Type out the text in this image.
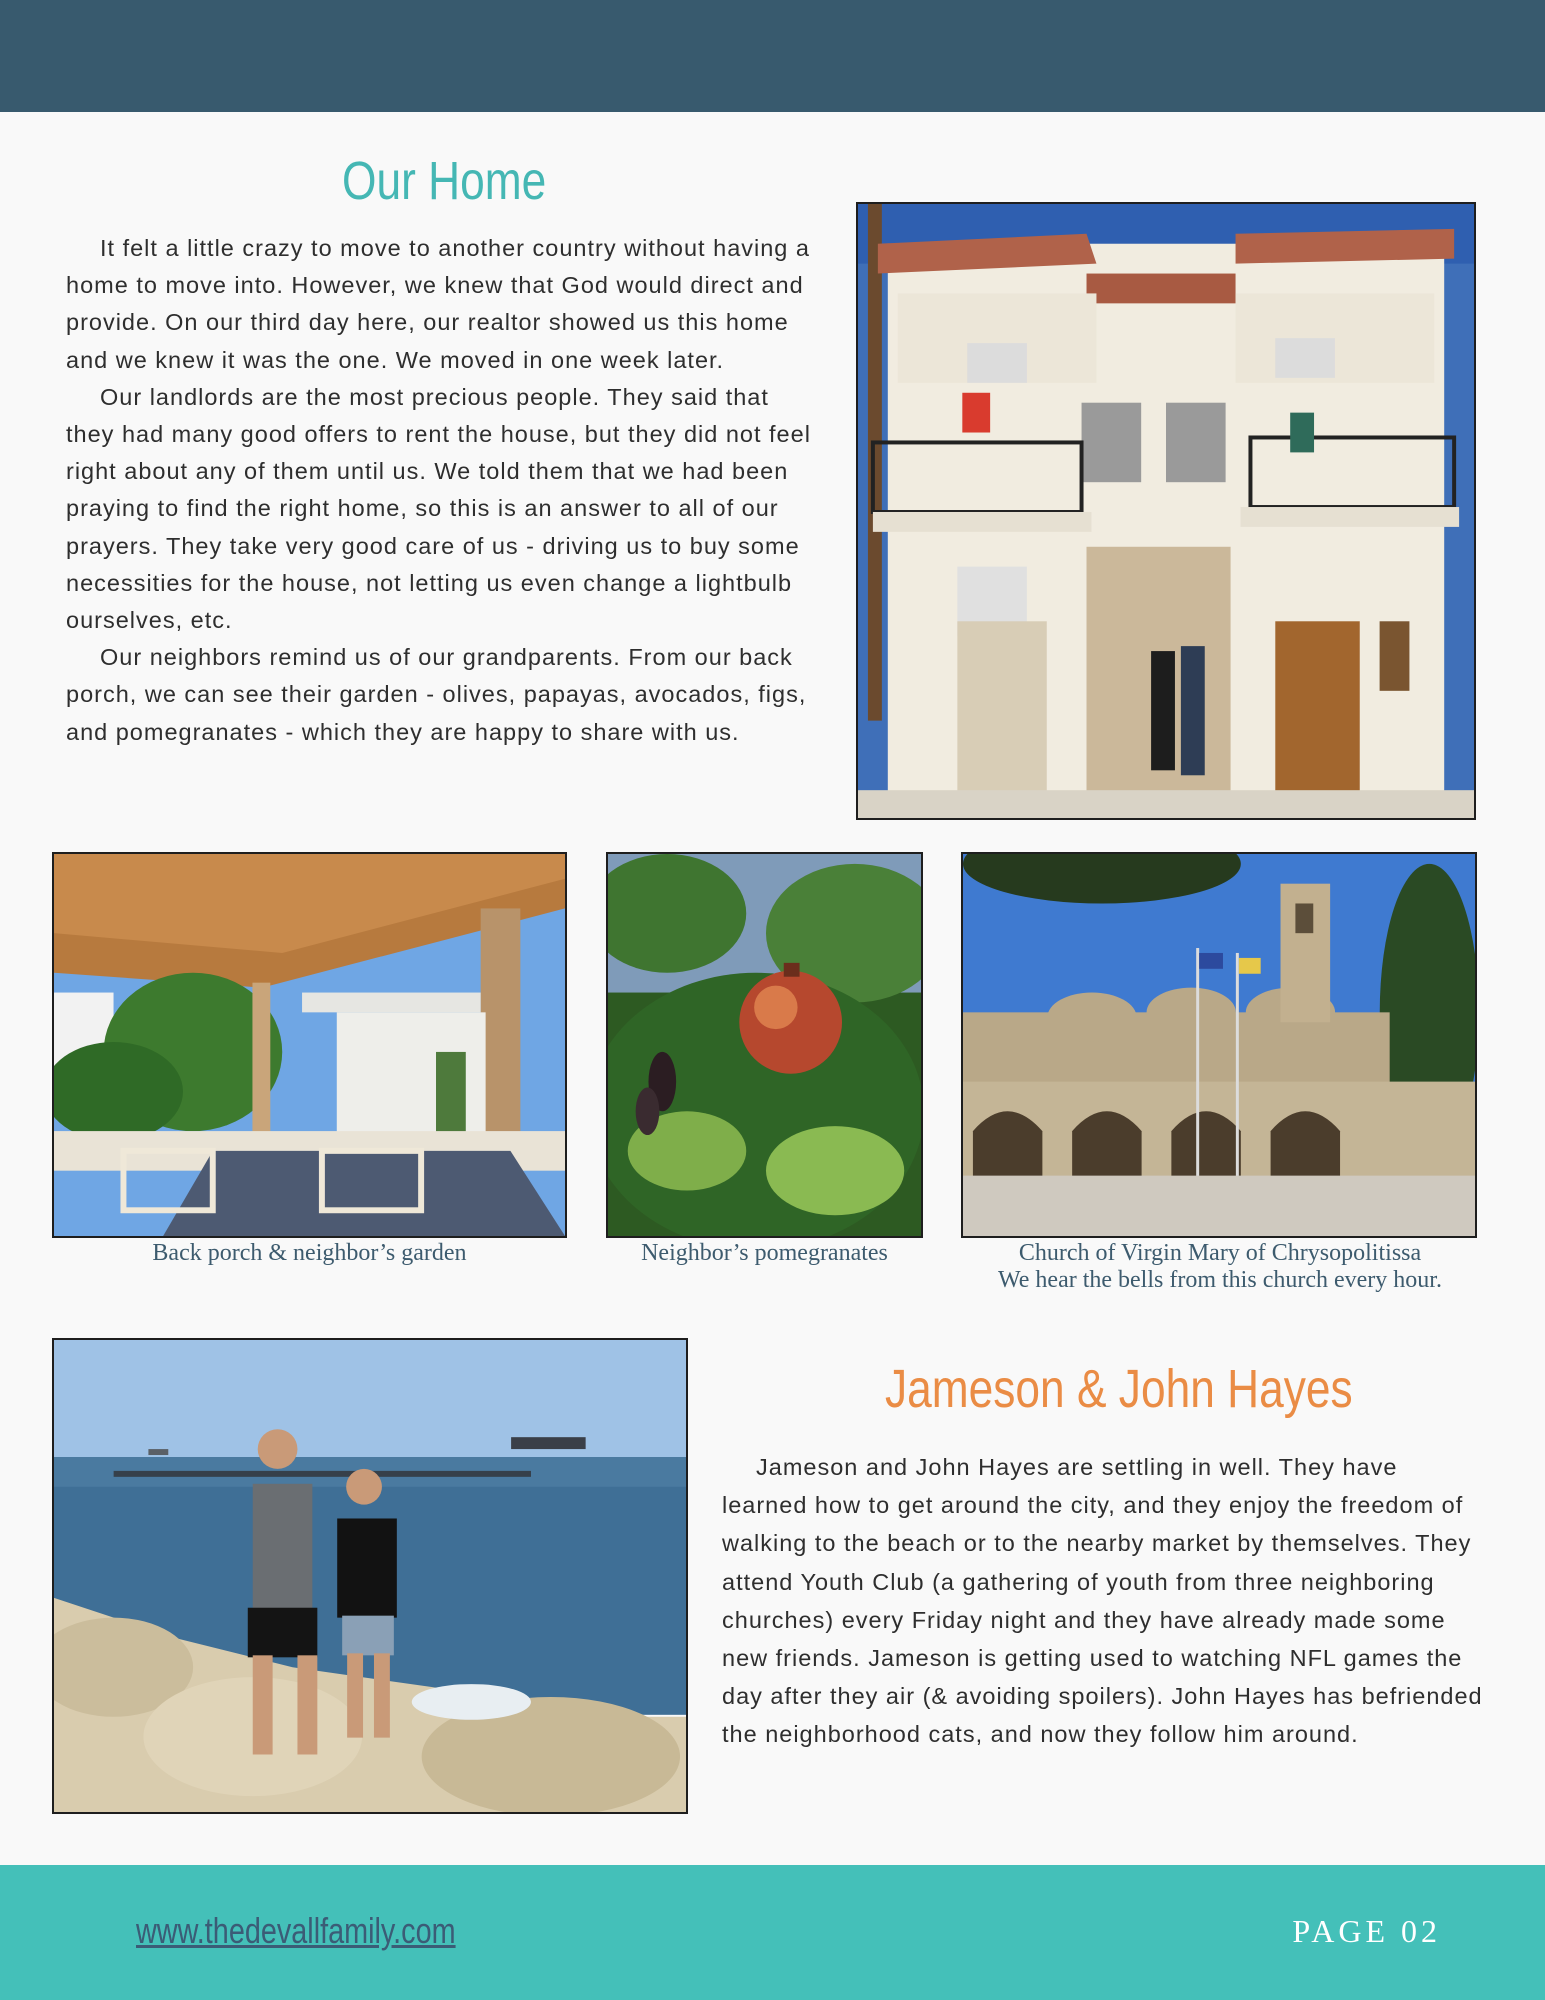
Our Home

It felt a little crazy to move to another country without having a home to move into. However, we knew that God would direct and provide. On our third day here, our realtor showed us this home and we knew it was the one. We moved in one week later.

Our landlords are the most precious people. They said that they had many good offers to rent the house, but they did not feel right about any of them until us. We told them that we had been praying to find the right home, so this is an answer to all of our prayers. They take very good care of us - driving us to buy some necessities for the house, not letting us even change a lightbulb ourselves, etc.

Our neighbors remind us of our grandparents. From our back porch, we can see their garden - olives, papayas, avocados, figs, and pomegranates - which they are happy to share with us.

Back porch & neighbor’s garden	Neighbor’s pomegranates	Church of Virgin Mary of Chrysopolitissa
We hear the bells from this church every hour.
Jameson & John Hayes

Jameson and John Hayes are settling in well. They have learned how to get around the city, and they enjoy the freedom of walking to the beach or to the nearby market by themselves. They attend Youth Club (a gathering of youth from three neighboring churches) every Friday night and they have already made some new friends. Jameson is getting used to watching NFL games the day after they air (& avoiding spoilers). John Hayes has befriended the neighborhood cats, and now they follow him around.

www.thedevallfamily.com	PAGE 02
